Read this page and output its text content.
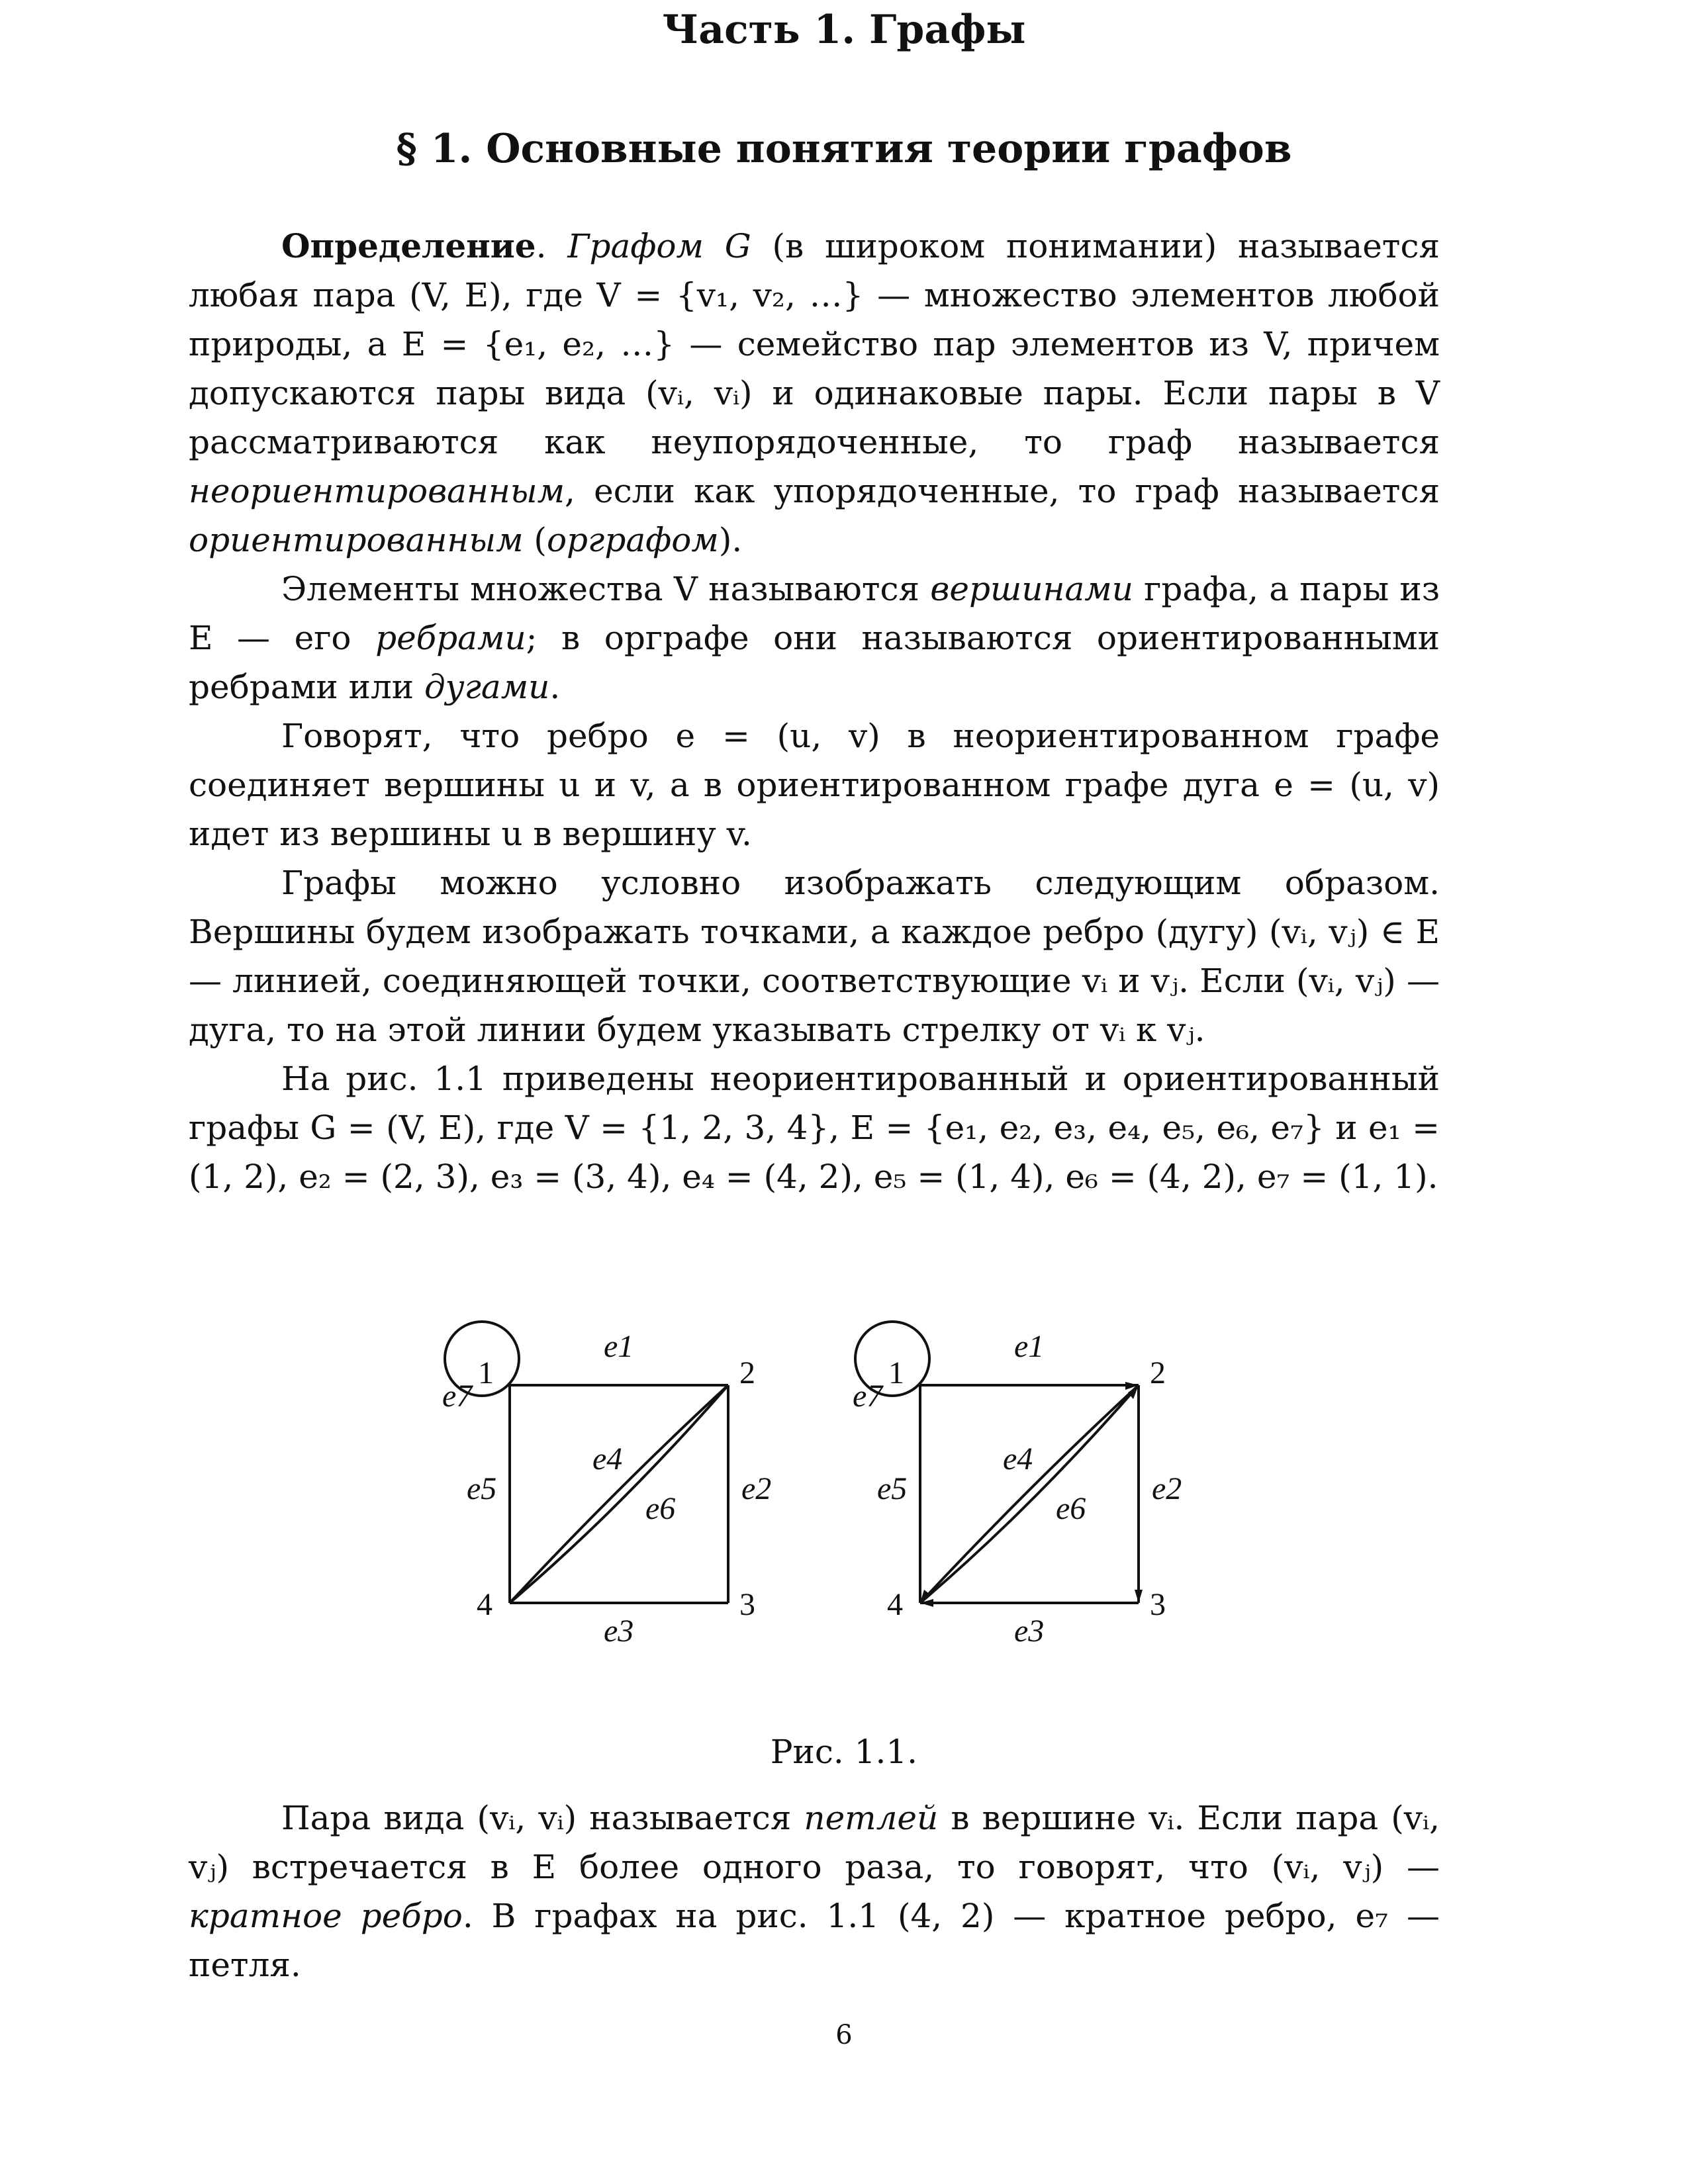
Часть 1. Графы
§ 1. Основные понятия теории графов

Определение. Графом G (в широком понимании) называется любая пара (V, E), где V = {v₁, v₂, …} — множество элементов любой природы, а E = {e₁, e₂, …} — семейство пар элементов из V, причем допускаются пары вида (vᵢ, vᵢ) и одинаковые пары. Если пары в V рассматриваются как неупорядоченные, то граф называется неориентированным, если как упорядоченные, то граф называется ориентированным (орграфом).

Элементы множества V называются вершинами графа, а пары из E — его ребрами; в орграфе они называются ориентированными ребрами или дугами.

Говорят, что ребро e = (u, v) в неориентированном графе соединяет вершины u и v, а в ориентированном графе дуга e = (u, v) идет из вершины u в вершину v.

Графы можно условно изображать следующим образом. Вершины будем изображать точками, а каждое ребро (дугу) (vᵢ, vⱼ) ∈ E — линией, соединяющей точки, соответствующие vᵢ и vⱼ. Если (vᵢ, vⱼ) — дуга, то на этой линии будем указывать стрелку от vᵢ к vⱼ.

На рис. 1.1 приведены неориентированный и ориентированный графы G = (V, E), где V = {1, 2, 3, 4}, E = {e₁, e₂, e₃, e₄, e₅, e₆, e₇} и e₁ = (1, 2), e₂ = (2, 3), e₃ = (3, 4), e₄ = (4, 2), e₅ = (1, 4), e₆ = (4, 2), e₇ = (1, 1).

1	2
3
4
e1
e2
e3
e4
e5
e6
e7
1	2
3
4
e1
e2
e3
e4
e5
e6
e7
Рис. 1.1.

Пара вида (vᵢ, vᵢ) называется петлей в вершине vᵢ. Если пара (vᵢ, vⱼ) встречается в E более одного раза, то говорят, что (vᵢ, vⱼ) — кратное ребро. В графах на рис. 1.1 (4, 2) — кратное ребро, e₇ — петля.

6
